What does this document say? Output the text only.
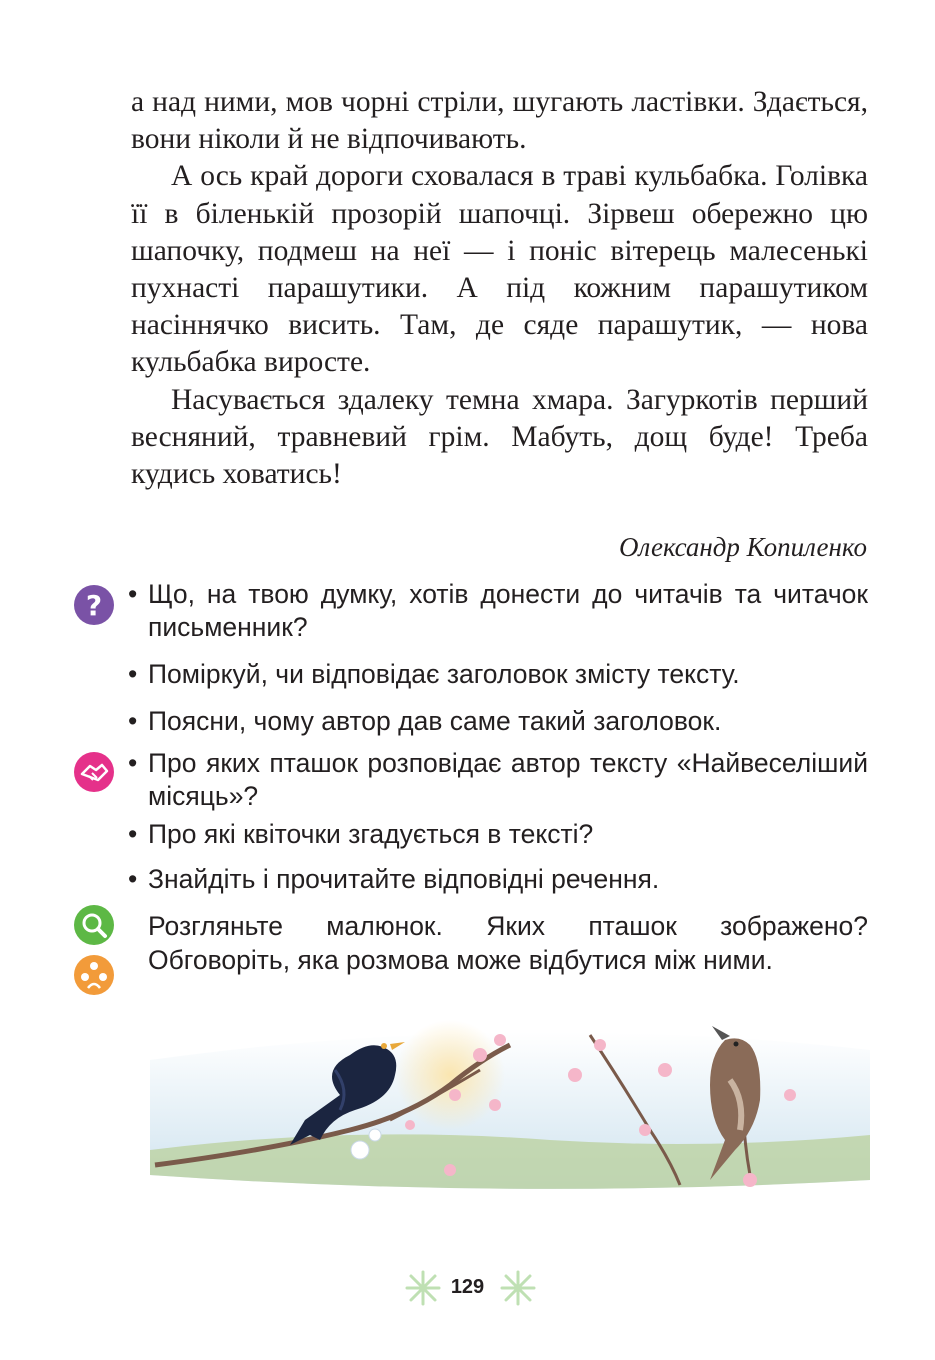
а над ними, мов чорні стріли, шугають ластівки. Здається, вони ніколи й не відпочивають.

А ось край дороги сховалася в траві кульбабка. Голівка її в біленькій прозорій шапочці. Зірвеш обережно цю шапочку, подмеш на неї — і поніс вітерець малесенькі пухнасті парашутики. А під кожним парашутиком насіннячко висить. Там, де сяде парашутик, — нова кульбабка виросте.

Насувається здалеку темна хмара. Загуркотів перший весняний, травневий грім. Мабуть, дощ буде! Треба кудись ховатись!

Олександр Копиленко
?
•	Що, на твою думку, хотів донести до читачів та читачок письменник?
• Поміркуй, чи відповідає заголовок змісту тексту.
• Поясни, чому автор дав саме такий заголовок.
• Про яких пташок розповідає автор тексту «Найвеселіший місяць»?
• Про які квіточки згадується в тексті?
• Знайдіть і прочитайте відповідні речення.

Розгляньте малюнок. Яких пташок зображено? Обговоріть, яка розмова може відбутися між ними.

129
